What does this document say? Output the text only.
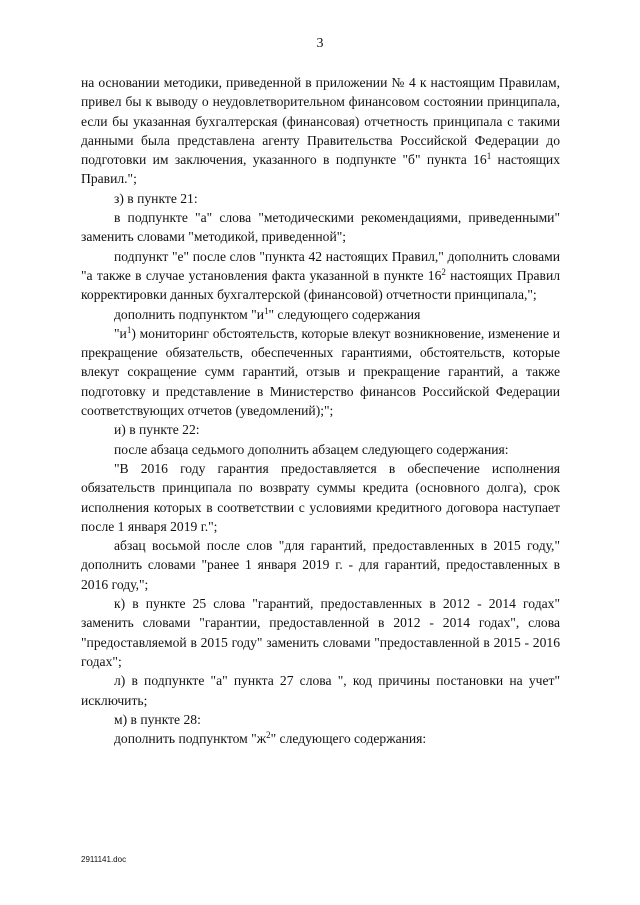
3

на основании методики, приведенной в приложении № 4 к настоящим Правилам, привел бы к выводу о неудовлетворительном финансовом состоянии принципала, если бы указанная бухгалтерская (финансовая) отчетность принципала с такими данными была представлена агенту Правительства Российской Федерации до подготовки им заключения, указанного в подпункте "б" пункта $16^1$ настоящих Правил.";

з) в пункте 21:

в подпункте "а" слова "методическими рекомендациями, приведенными" заменить словами "методикой, приведенной";

подпункт "е" после слов "пункта 42 настоящих Правил," дополнить словами "а также в случае установления факта указанной в пункте $16^2$ настоящих Правил корректировки данных бухгалтерской (финансовой) отчетности принципала,";

дополнить подпунктом "$и^1$" следующего содержания

"$и^1$) мониторинг обстоятельств, которые влекут возникновение, изменение и прекращение обязательств, обеспеченных гарантиями, обстоятельств, которые влекут сокращение сумм гарантий, отзыв и прекращение гарантий, а также подготовку и представление в Министерство финансов Российской Федерации соответствующих отчетов (уведомлений);";

и) в пункте 22:

после абзаца седьмого дополнить абзацем следующего содержания:

"В 2016 году гарантия предоставляется в обеспечение исполнения обязательств принципала по возврату суммы кредита (основного долга), срок исполнения которых в соответствии с условиями кредитного договора наступает после 1 января 2019 г.";

абзац восьмой после слов "для гарантий, предоставленных в 2015 году," дополнить словами "ранее 1 января 2019 г. - для гарантий, предоставленных в 2016 году,";

к) в пункте 25 слова "гарантий, предоставленных в 2012 - 2014 годах" заменить словами "гарантии, предоставленной в 2012 - 2014 годах", слова "предоставляемой в 2015 году" заменить словами "предоставленной в 2015 - 2016 годах";

л) в подпункте "а" пункта 27 слова ", код причины постановки на учет" исключить;

м) в пункте 28:

дополнить подпунктом "$ж^2$" следующего содержания:

2911141.doc
